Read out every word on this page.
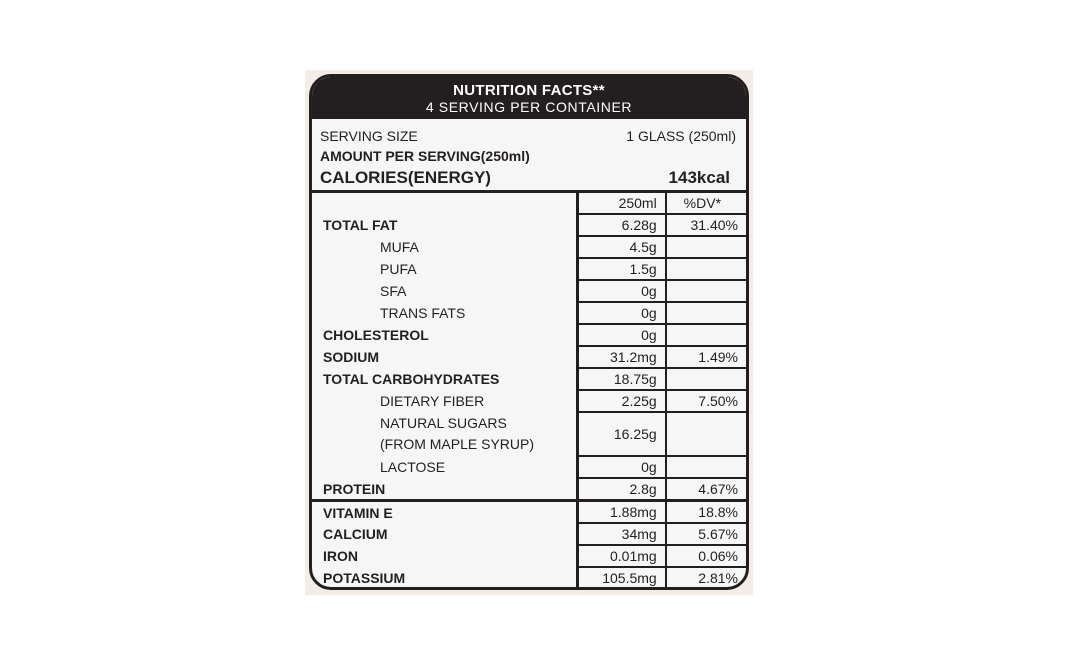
NUTRITION FACTS**
4 SERVING PER CONTAINER
SERVING SIZE	1 GLASS (250ml)
AMOUNT PER SERVING(250ml)
CALORIES(ENERGY)	143kcal
	250ml	%DV*

TOTAL FAT	6.28g	31.40%

MUFA	4.5g	

PUFA	1.5g	

SFA	0g	

TRANS FATS	0g	

CHOLESTEROL	0g	

SODIUM	31.2mg	1.49%

TOTAL CARBOHYDRATES	18.75g	

DIETARY FIBER	2.25g	7.50%

NATURAL SUGARS
(FROM MAPLE SYRUP)	16.25g	

LACTOSE	0g	

PROTEIN	2.8g	4.67%

VITAMIN E	1.88mg	18.8%

CALCIUM	34mg	5.67%

IRON	0.01mg	0.06%

POTASSIUM	105.5mg	2.81%
